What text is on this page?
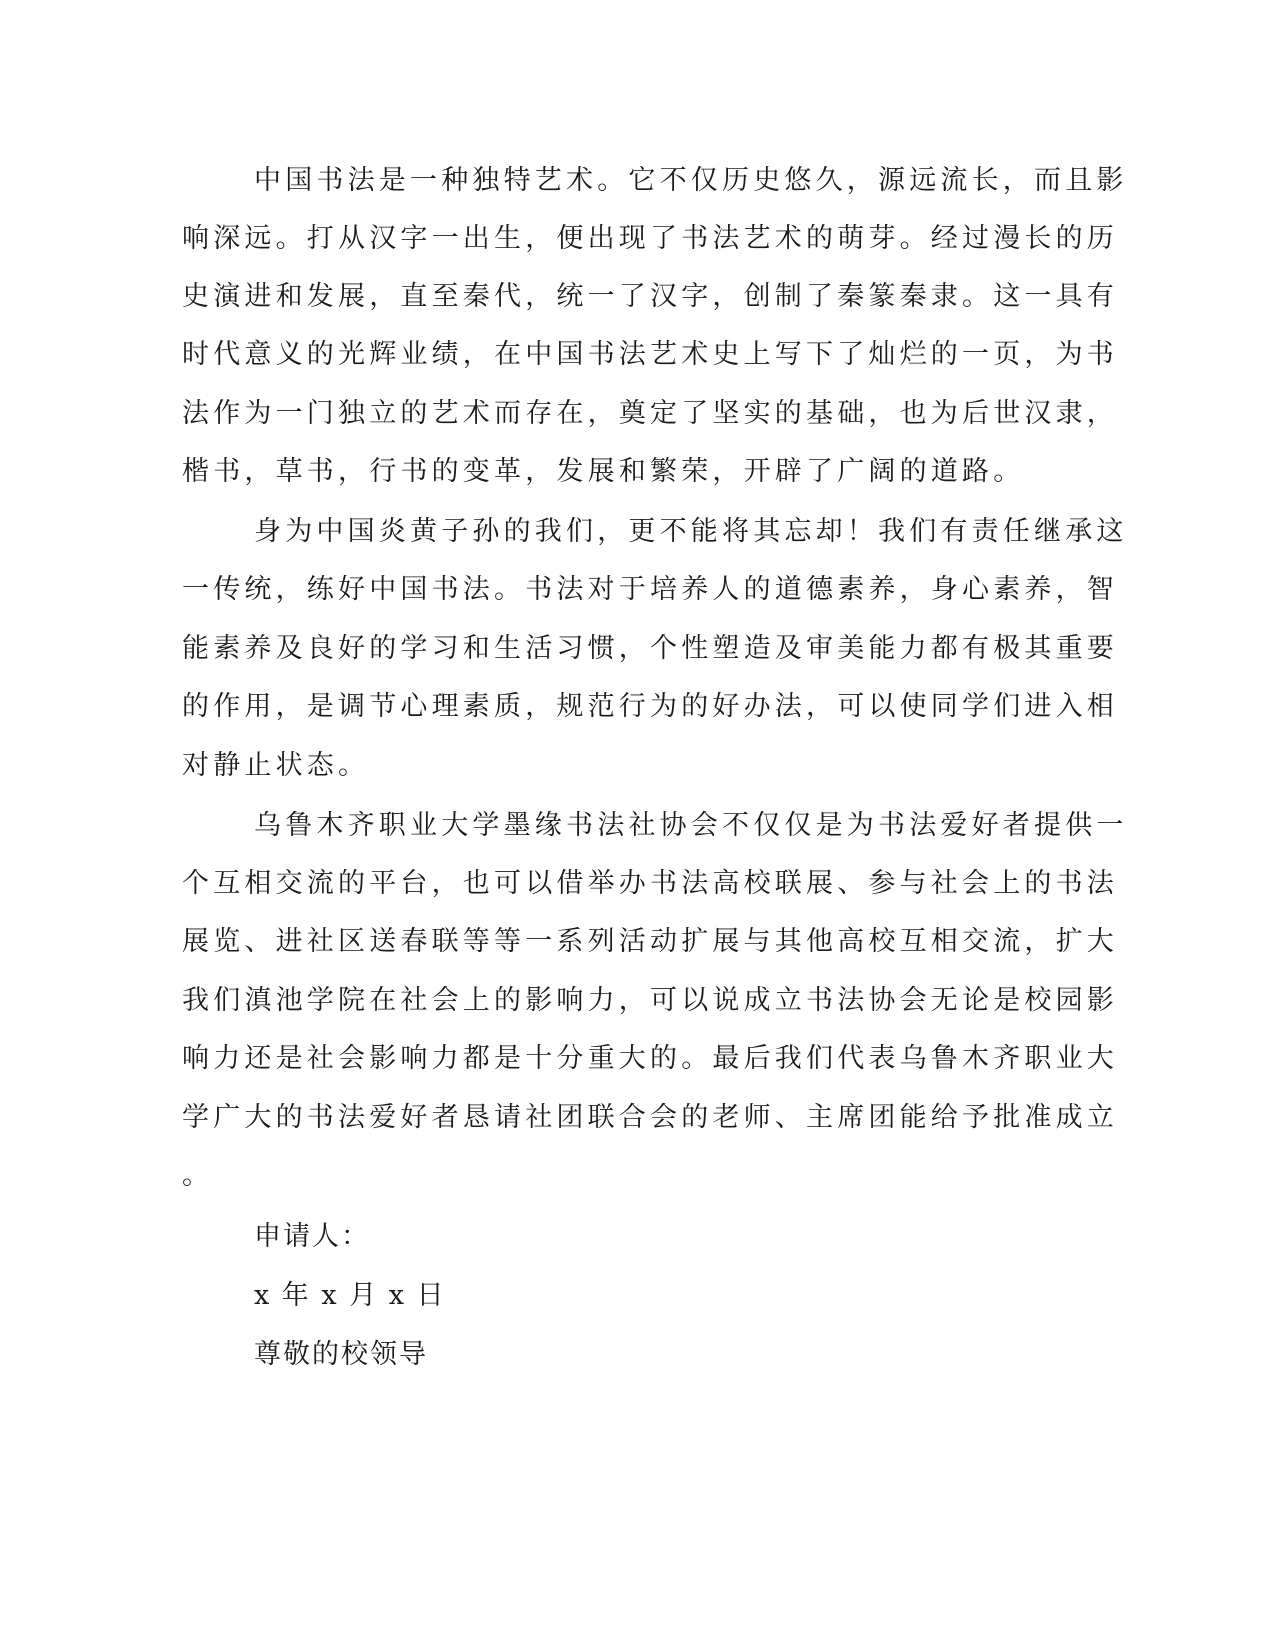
中国书法是一种独特艺术。它不仅历史悠久，源远流长，而且影
响深远。打从汉字一出生，便出现了书法艺术的萌芽。经过漫长的历
史演进和发展，直至秦代，统一了汉字，创制了秦篆秦隶。这一具有
时代意义的光辉业绩，在中国书法艺术史上写下了灿烂的一页，为书
法作为一门独立的艺术而存在，奠定了坚实的基础，也为后世汉隶，
楷书，草书，行书的变革，发展和繁荣，开辟了广阔的道路。
身为中国炎黄子孙的我们，更不能将其忘却！我们有责任继承这
一传统，练好中国书法。书法对于培养人的道德素养，身心素养，智
能素养及良好的学习和生活习惯，个性塑造及审美能力都有极其重要
的作用，是调节心理素质，规范行为的好办法，可以使同学们进入相
对静止状态。
乌鲁木齐职业大学墨缘书法社协会不仅仅是为书法爱好者提供一
个互相交流的平台，也可以借举办书法高校联展、参与社会上的书法
展览、进社区送春联等等一系列活动扩展与其他高校互相交流，扩大
我们滇池学院在社会上的影响力，可以说成立书法协会无论是校园影
响力还是社会影响力都是十分重大的。最后我们代表乌鲁木齐职业大
学广大的书法爱好者恳请社团联合会的老师、主席团能给予批准成立
。
申请人：
x 年 x 月 x 日
尊敬的校领导
